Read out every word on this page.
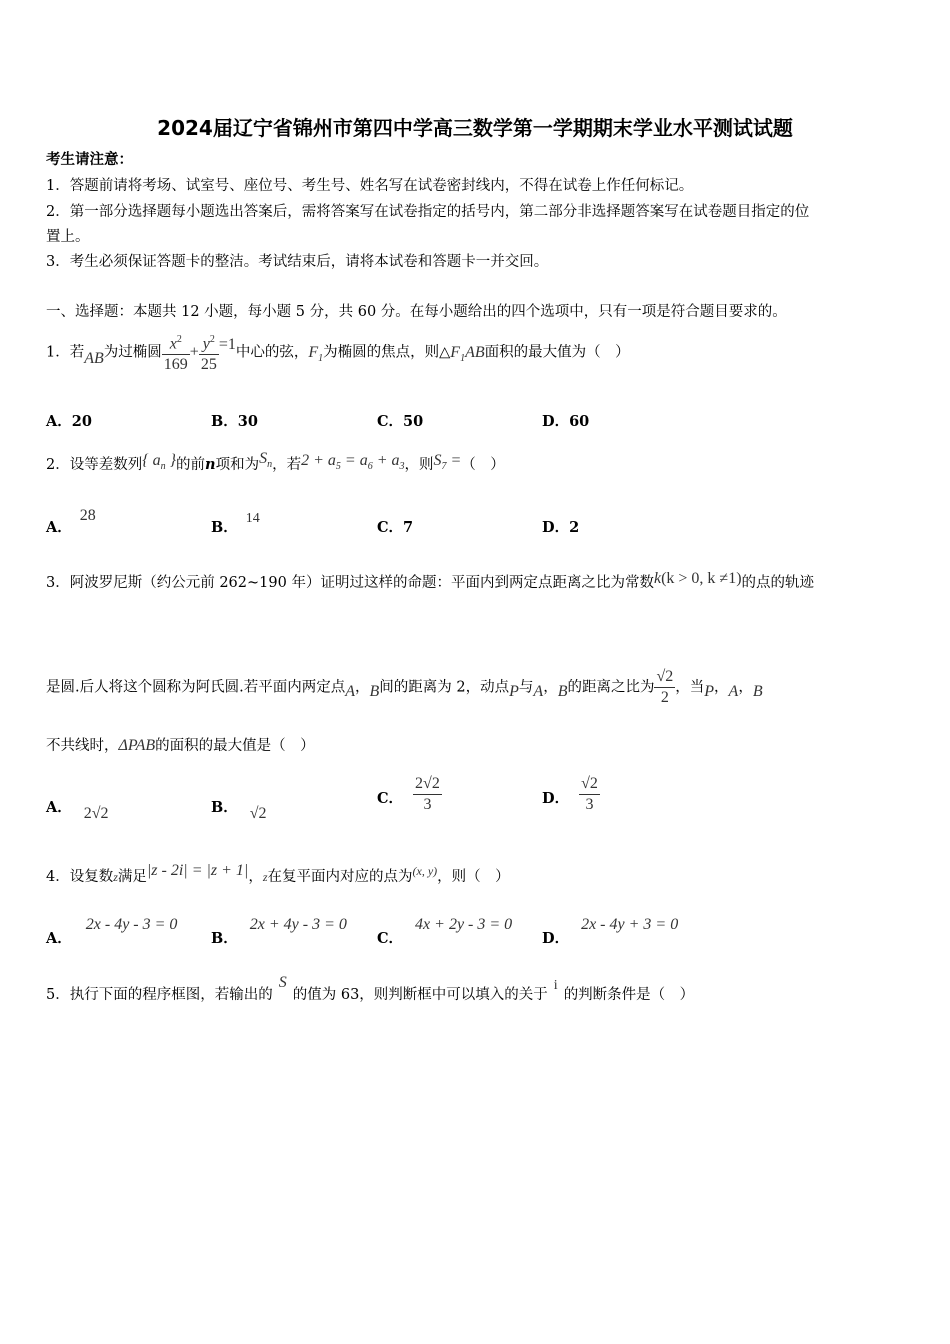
2024届辽宁省锦州市第四中学高三数学第一学期期末学业水平测试试题
考生请注意：
1．答题前请将考场、试室号、座位号、考生号、姓名写在试卷密封线内，不得在试卷上作任何标记。
2．第一部分选择题每小题选出答案后，需将答案写在试卷指定的括号内，第二部分非选择题答案写在试卷题目指定的位
置上。
3．考生必须保证答题卡的整洁。考试结束后，请将本试卷和答题卡一并交回。
一、选择题：本题共 12 小题，每小题 5 分，共 60 分。在每小题给出的四个选项中，只有一项是符合题目要求的。
1．若AB为过椭圆 $\frac{x^2}{169} + \frac{y^2}{25} =1$中心的弦，$F_1$为椭圆的焦点，则$\triangle F_1AB$面积的最大值为（　）
A．20	B．30	C．50	D．60
2．设等差数列{ $a_n$ }的前n项和为$S_n$，若$2 + a_5 = a_6 + a_3$，则$S_7$ =（　）
A．28
B．14
C．7	D．2
3．阿波罗尼斯（约公元前 262~190 年）证明过这样的命题：平面内到两定点距离之比为常数k(k > 0, k ≠1)的点的轨迹
是圆.后人将这个圆称为阿氏圆.若平面内两定点A，B间的距离为 2，动点P与A，B的距离之比为 $\frac{√2}{2}$ ，当P，A，B
不共线时，ΔPAB的面积的最大值是（　）
A． 2√2	B． √2
C． $\frac{2√2}{3}$	D． $\frac{√2}{3}$
4．设复数z满足|z - 2i| = |z + 1|，z在复平面内对应的点为$^{(x, y)}$，则（　）
A．2x - 4y - 3 = 0
B．2x + 4y - 3 = 0
C．4x + 2y - 3 = 0
D．2x - 4y + 3 = 0
5．执行下面的程序框图，若输出的S的值为 63，则判断框中可以填入的关于i的判断条件是（　）
